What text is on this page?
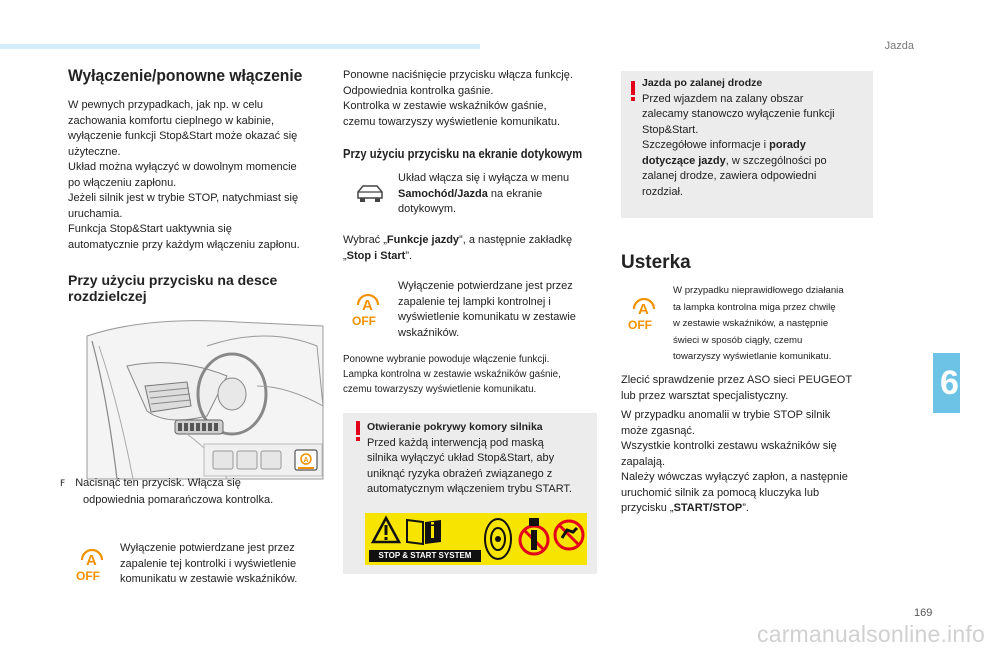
Jazda
Wyłączenie/ponowne włączenie
W pewnych przypadkach, jak np. w celu
zachowania komfortu cieplnego w kabinie,
wyłączenie funkcji Stop&Start może okazać się
użyteczne.
Układ można wyłączyć w dowolnym momencie
po włączeniu zapłonu.
Jeżeli silnik jest w trybie STOP, natychmiast się
uruchamia.
Funkcja Stop&Start uaktywnia się
automatycznie przy każdym włączeniu zapłonu.
Przy użyciu przycisku na desce
rozdzielczej
A
F Nacisnąć ten przycisk. Włącza się
odpowiednia pomarańczowa kontrolka.
A
OFF
Wyłączenie potwierdzane jest przez
zapalenie tej kontrolki i wyświetlenie
komunikatu w zestawie wskaźników.
Ponowne naciśnięcie przycisku włącza funkcję.
Odpowiednia kontrolka gaśnie.
Kontrolka w zestawie wskaźników gaśnie,
czemu towarzyszy wyświetlenie komunikatu.
Przy użyciu przycisku na ekranie dotykowym
Układ włącza się i wyłącza w menu
Samochód/Jazda na ekranie
dotykowym.
Wybrać „Funkcje jazdy”, a następnie zakładkę
„Stop i Start”.
A
OFF
Wyłączenie potwierdzane jest przez
zapalenie tej lampki kontrolnej i
wyświetlenie komunikatu w zestawie
wskaźników.
Ponowne wybranie powoduje włączenie funkcji.
Lampka kontrolna w zestawie wskaźników gaśnie,
czemu towarzyszy wyświetlenie komunikatu.
Otwieranie pokrywy komory silnika
Przed każdą interwencją pod maską
silnika wyłączyć układ Stop&Start, aby
uniknąć ryzyka obrażeń związanego z
automatycznym włączeniem trybu START.
STOP & START SYSTEM
Jazda po zalanej drodze
Przed wjazdem na zalany obszar
zalecamy stanowczo wyłączenie funkcji
Stop&Start.
Szczegółowe informacje i porady
dotyczące jazdy, w szczególności po
zalanej drodze, zawiera odpowiedni
rozdział.
Usterka
A
OFF
W przypadku nieprawidłowego działania
ta lampka kontrolna miga przez chwilę
w zestawie wskaźników, a następnie
świeci w sposób ciągły, czemu
towarzyszy wyświetlanie komunikatu.
Zlecić sprawdzenie przez ASO sieci PEUGEOT
lub przez warsztat specjalistyczny.
W przypadku anomalii w trybie STOP silnik
może zgasnąć.
Wszystkie kontrolki zestawu wskaźników się
zapalają.
Należy wówczas wyłączyć zapłon, a następnie
uruchomić silnik za pomocą kluczyka lub
przycisku „START/STOP”.
6
169
carmanualsonline.info
